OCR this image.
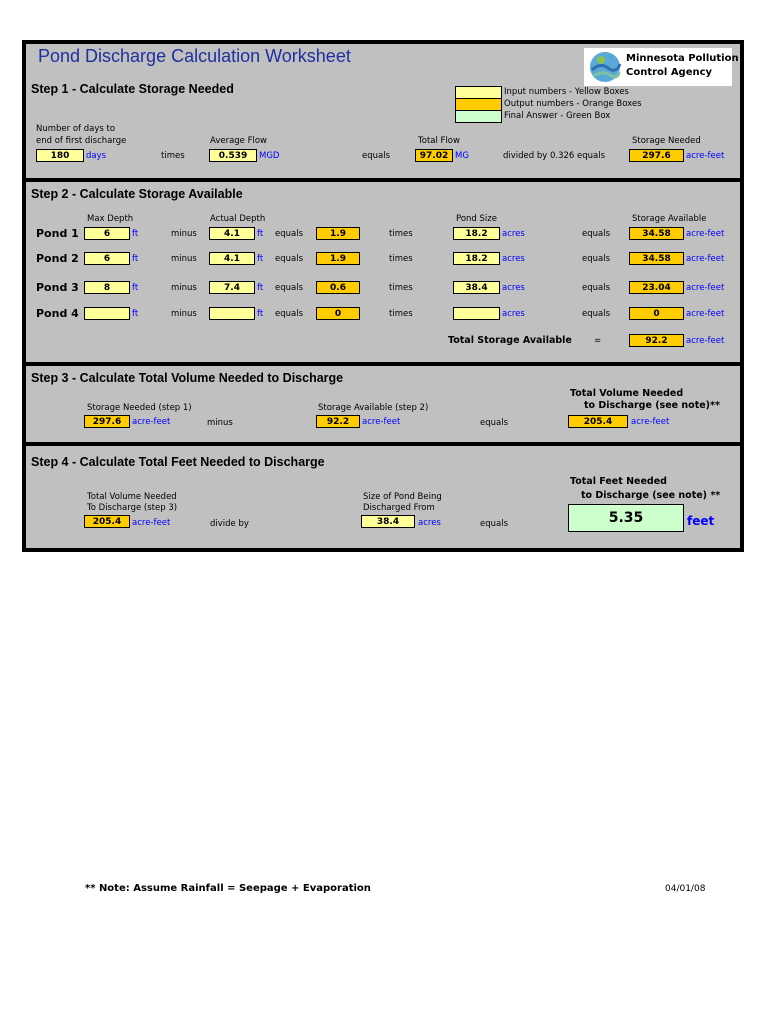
Pond Discharge Calculation Worksheet	Minnesota Pollution
Control Agency
Step 1 - Calculate Storage Needed	Input numbers - Yellow Boxes
Output numbers - Orange Boxes
Final Answer - Green Box
Number of days to
end of first discharge
180	days	times
Average Flow
0.539	MGD	equals
Total Flow
97.02 MG	divided by 0.326 equals
Storage Needed
297.6	acre-feet
Step 2 - Calculate Storage Available
Max Depth	Actual Depth	Pond Size	Storage Available
Pond 1	6	ft	minus	4.1	ft equals	1.9	times	18.2	acres	equals	34.58	acre-feet
Pond 2	6	ft	minus	4.1	ft equals	1.9	times	18.2	acres	equals	34.58	acre-feet
Pond 3	8	ft	minus	7.4	ft equals	0.6	times	38.4	acres	equals	23.04	acre-feet
Pond 4	ft	minus	ft equals	0	times	acres	equals	0	acre-feet
Total Storage Available	=	92.2	acre-feet
Step 3 - Calculate Total Volume Needed to Discharge
Total Volume Needed
to Discharge (see note)**
Storage Needed (step 1)	Storage Available (step 2)
297.6	acre-feet	minus	92.2	acre-feet	equals	205.4	acre-feet
Step 4 - Calculate Total Feet Needed to Discharge
Total Feet Needed
to Discharge (see note) **
Total Volume Needed
To Discharge (step 3)
Size of Pond Being
Discharged From
205.4	acre-feet	divide by	38.4	acres	equals	5.35	feet
** Note: Assume Rainfall = Seepage + Evaporation	04/01/08
